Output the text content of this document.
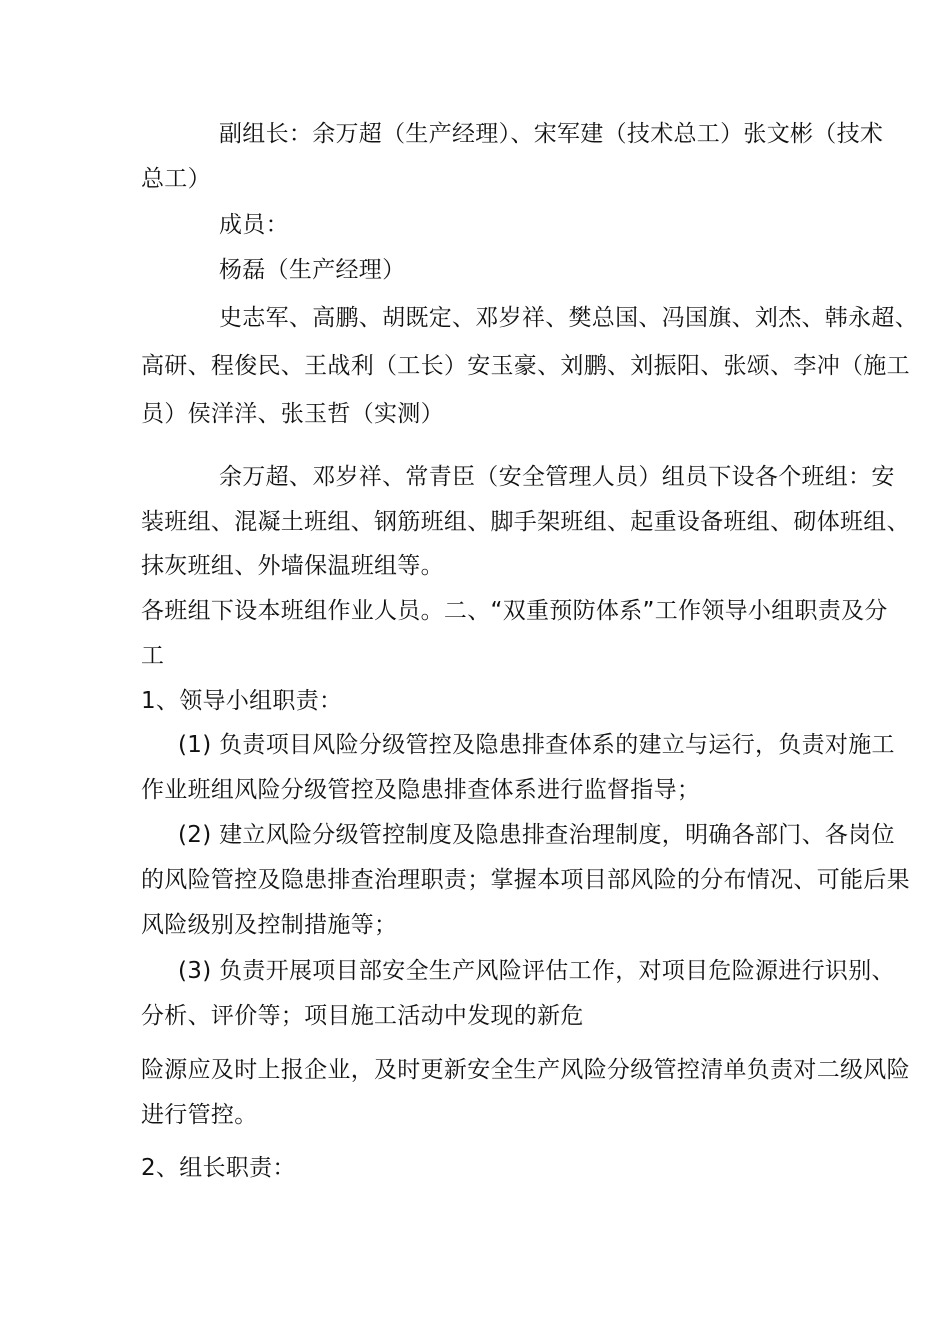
副组长：余万超（生产经理）、宋军建（技术总工）张文彬（技术
总工）
成员：
杨磊（生产经理）
史志军、高鹏、胡既定、邓岁祥、樊总国、冯国旗、刘杰、韩永超、
高研、程俊民、王战利（工长）安玉豪、刘鹏、刘振阳、张颂、李冲（施工
员）侯洋洋、张玉哲（实测）
余万超、邓岁祥、常青臣（安全管理人员）组员下设各个班组：安
装班组、混凝土班组、钢筋班组、脚手架班组、起重设备班组、砌体班组、
抹灰班组、外墙保温班组等。
各班组下设本班组作业人员。二、“双重预防体系”工作领导小组职责及分
工
1、领导小组职责：
(1) 负责项目风险分级管控及隐患排查体系的建立与运行，负责对施工
作业班组风险分级管控及隐患排查体系进行监督指导；
(2) 建立风险分级管控制度及隐患排查治理制度，明确各部门、各岗位
的风险管控及隐患排查治理职责；掌握本项目部风险的分布情况、可能后果
风险级别及控制措施等；
(3) 负责开展项目部安全生产风险评估工作，对项目危险源进行识别、
分析、评价等；项目施工活动中发现的新危
险源应及时上报企业，及时更新安全生产风险分级管控清单负责对二级风险
进行管控。
2、组长职责：
